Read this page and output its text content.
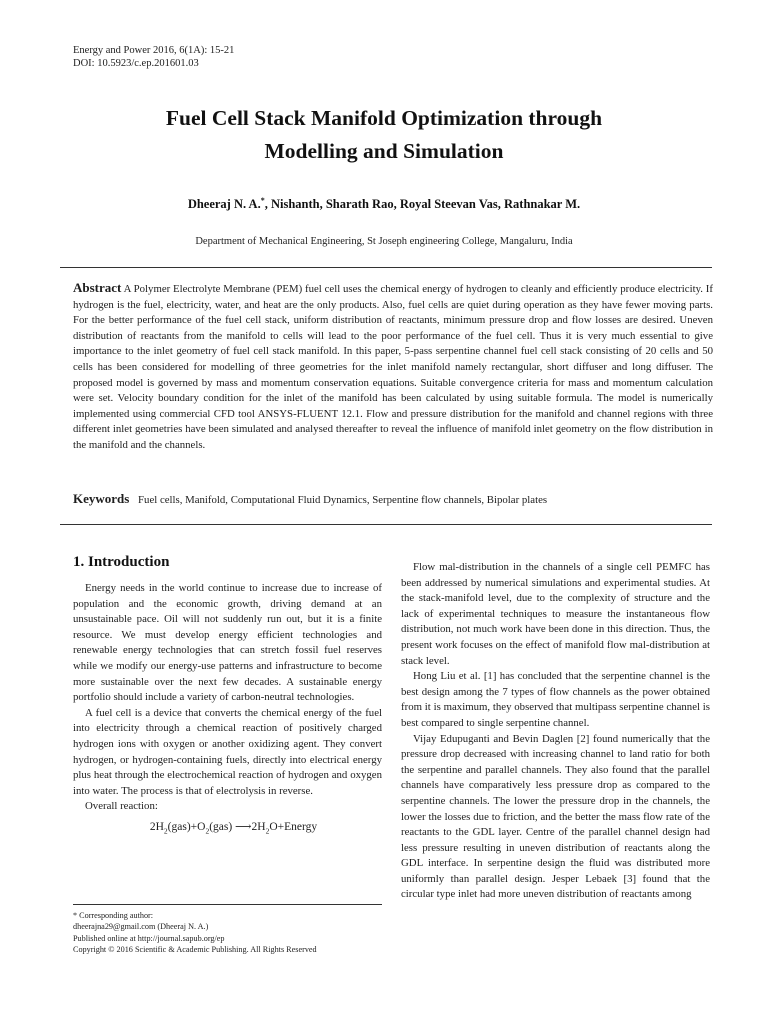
Energy and Power 2016, 6(1A): 15-21
DOI: 10.5923/c.ep.201601.03
Fuel Cell Stack Manifold Optimization through
Modelling and Simulation
Dheeraj N. A.*, Nishanth, Sharath Rao, Royal Steevan Vas, Rathnakar M.
Department of Mechanical Engineering, St Joseph engineering College, Mangaluru, India
Abstract A Polymer Electrolyte Membrane (PEM) fuel cell uses the chemical energy of hydrogen to cleanly and efficiently produce electricity. If hydrogen is the fuel, electricity, water, and heat are the only products. Also, fuel cells are quiet during operation as they have fewer moving parts. For the better performance of the fuel cell stack, uniform distribution of reactants, minimum pressure drop and flow losses are desired. Uneven distribution of reactants from the manifold to cells will lead to the poor performance of the fuel cell. Thus it is very much essential to give importance to the inlet geometry of fuel cell stack manifold. In this paper, 5-pass serpentine channel fuel cell stack consisting of 20 cells and 50 cells has been considered for modelling of three geometries for the inlet manifold namely rectangular, short diffuser and long diffuser. The proposed model is governed by mass and momentum conservation equations. Suitable convergence criteria for mass and momentum calculation were set. Velocity boundary condition for the inlet of the manifold has been calculated by using suitable formula. The model is numerically implemented using commercial CFD tool ANSYS-FLUENT 12.1. Flow and pressure distribution for the manifold and channel regions with three different inlet geometries have been simulated and analysed thereafter to reveal the influence of manifold inlet geometry on the flow distribution in the manifold and the channels.
Keywords Fuel cells, Manifold, Computational Fluid Dynamics, Serpentine flow channels, Bipolar plates
1. Introduction

Energy needs in the world continue to increase due to increase of population and the economic growth, driving demand at an unsustainable pace. Oil will not suddenly run out, but it is a finite resource. We must develop energy efficient technologies and renewable energy technologies that can stretch fossil fuel reserves while we modify our energy-use patterns and infrastructure to become more sustainable over the next few decades. A sustainable energy portfolio should include a variety of carbon-neutral technologies.

A fuel cell is a device that converts the chemical energy of the fuel into electricity through a chemical reaction of positively charged hydrogen ions with oxygen or another oxidizing agent. They convert hydrogen, or hydrogen-containing fuels, directly into electrical energy plus heat through the electrochemical reaction of hydrogen and oxygen into water. The process is that of electrolysis in reverse.

Overall reaction:

$2H_2(gas)+O_2(gas)$ $⟶2H_2O+Energy$

* Corresponding author:
dheerajna29@gmail.com (Dheeraj N. A.)
Published online at http://journal.sapub.org/ep
Copyright © 2016 Scientific & Academic Publishing. All Rights Reserved

Flow mal-distribution in the channels of a single cell PEMFC has been addressed by numerical simulations and experimental studies. At the stack-manifold level, due to the complexity of structure and the lack of experimental techniques to measure the instantaneous flow distribution, not much work have been done in this direction. Thus, the present work focuses on the effect of manifold flow mal-distribution at stack level.

Hong Liu et al. [1] has concluded that the serpentine channel is the best design among the 7 types of flow channels as the power obtained from it is maximum, they observed that multipass serpentine channel is best compared to single serpentine channel.

Vijay Edupuganti and Bevin Daglen [2] found numerically that the pressure drop decreased with increasing channel to land ratio for both the serpentine and parallel channels. They also found that the parallel channels have comparatively less pressure drop as compared to the serpentine channels. The lower the pressure drop in the channels, the lower the losses due to friction, and the better the mass flow rate of the reactants to the GDL layer. Centre of the parallel channel design had less pressure resulting in uneven distribution of reactants along the GDL interface. In serpentine design the fluid was distributed more uniformly than parallel design. Jesper Lebaek [3] found that the circular type inlet had more uneven distribution of reactants among
